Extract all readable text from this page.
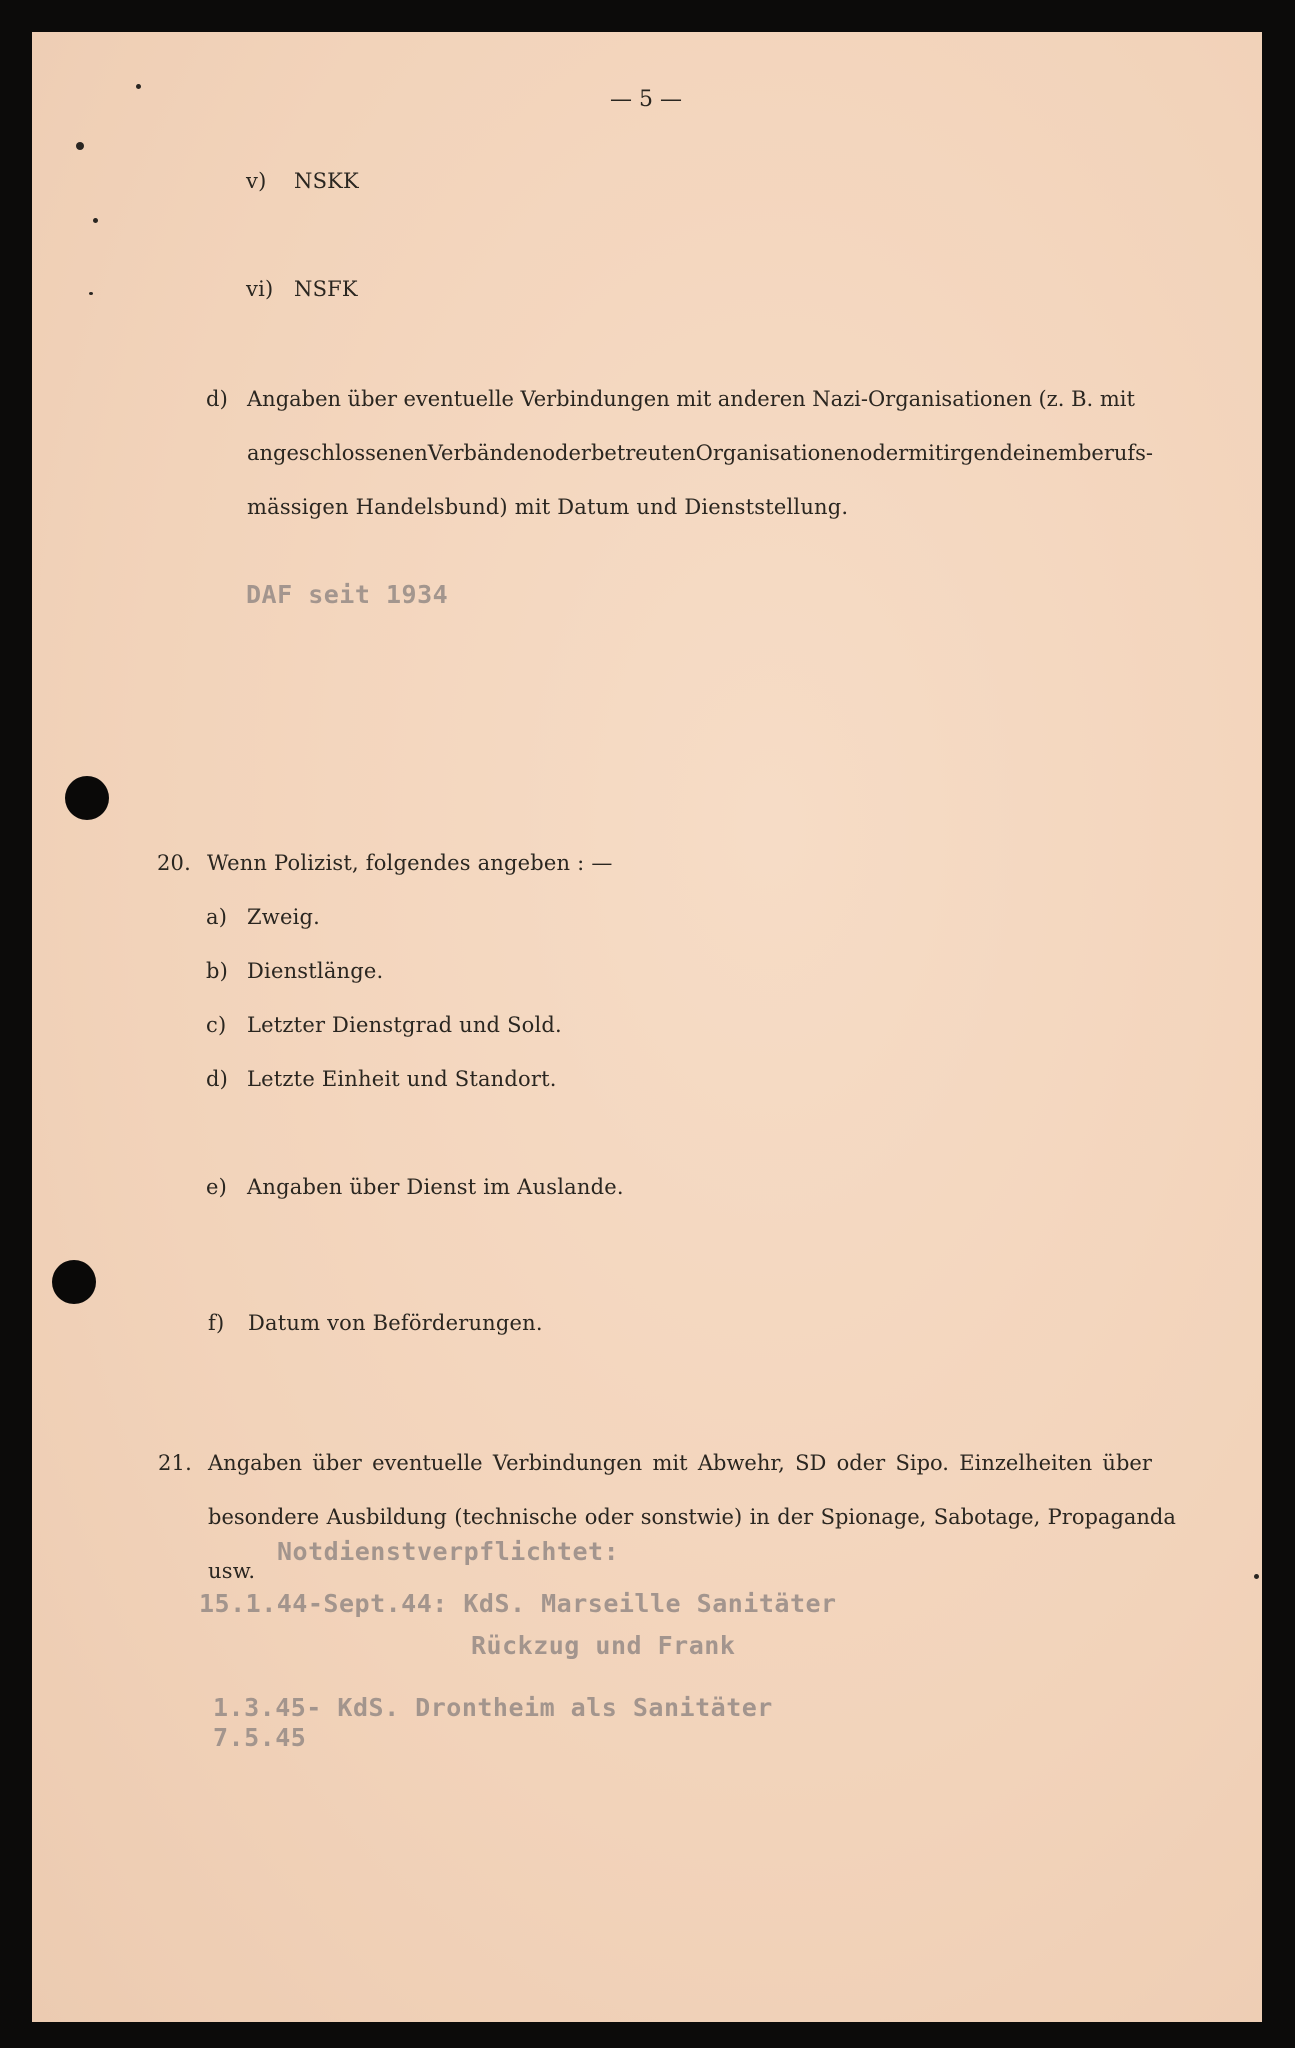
— 5 —
v) NSKK
vi) NSFK
d) Angaben über eventuelle Verbindungen mit anderen Nazi-Organisationen (z. B. mit
angeschlossenen Verbänden oder betreuten Organisationen oder mit irgendeinem berufs-
mässigen Handelsbund) mit Datum und Dienststellung.
DAF seit 1934
20. Wenn Polizist, folgendes angeben : —
a) Zweig.
b) Dienstlänge.
c) Letzter Dienstgrad und Sold.
d) Letzte Einheit und Standort.
e) Angaben über Dienst im Auslande.
f) Datum von Beförderungen.
21. Angaben über eventuelle Verbindungen mit Abwehr, SD oder Sipo. Einzelheiten über
besondere Ausbildung (technische oder sonstwie) in der Spionage, Sabotage, Propaganda
usw.
Notdienstverpflichtet:
15.1.44-Sept.44: KdS. Marseille Sanitäter
Rückzug und Frank
1.3.45- KdS. Drontheim als Sanitäter
7.5.45
